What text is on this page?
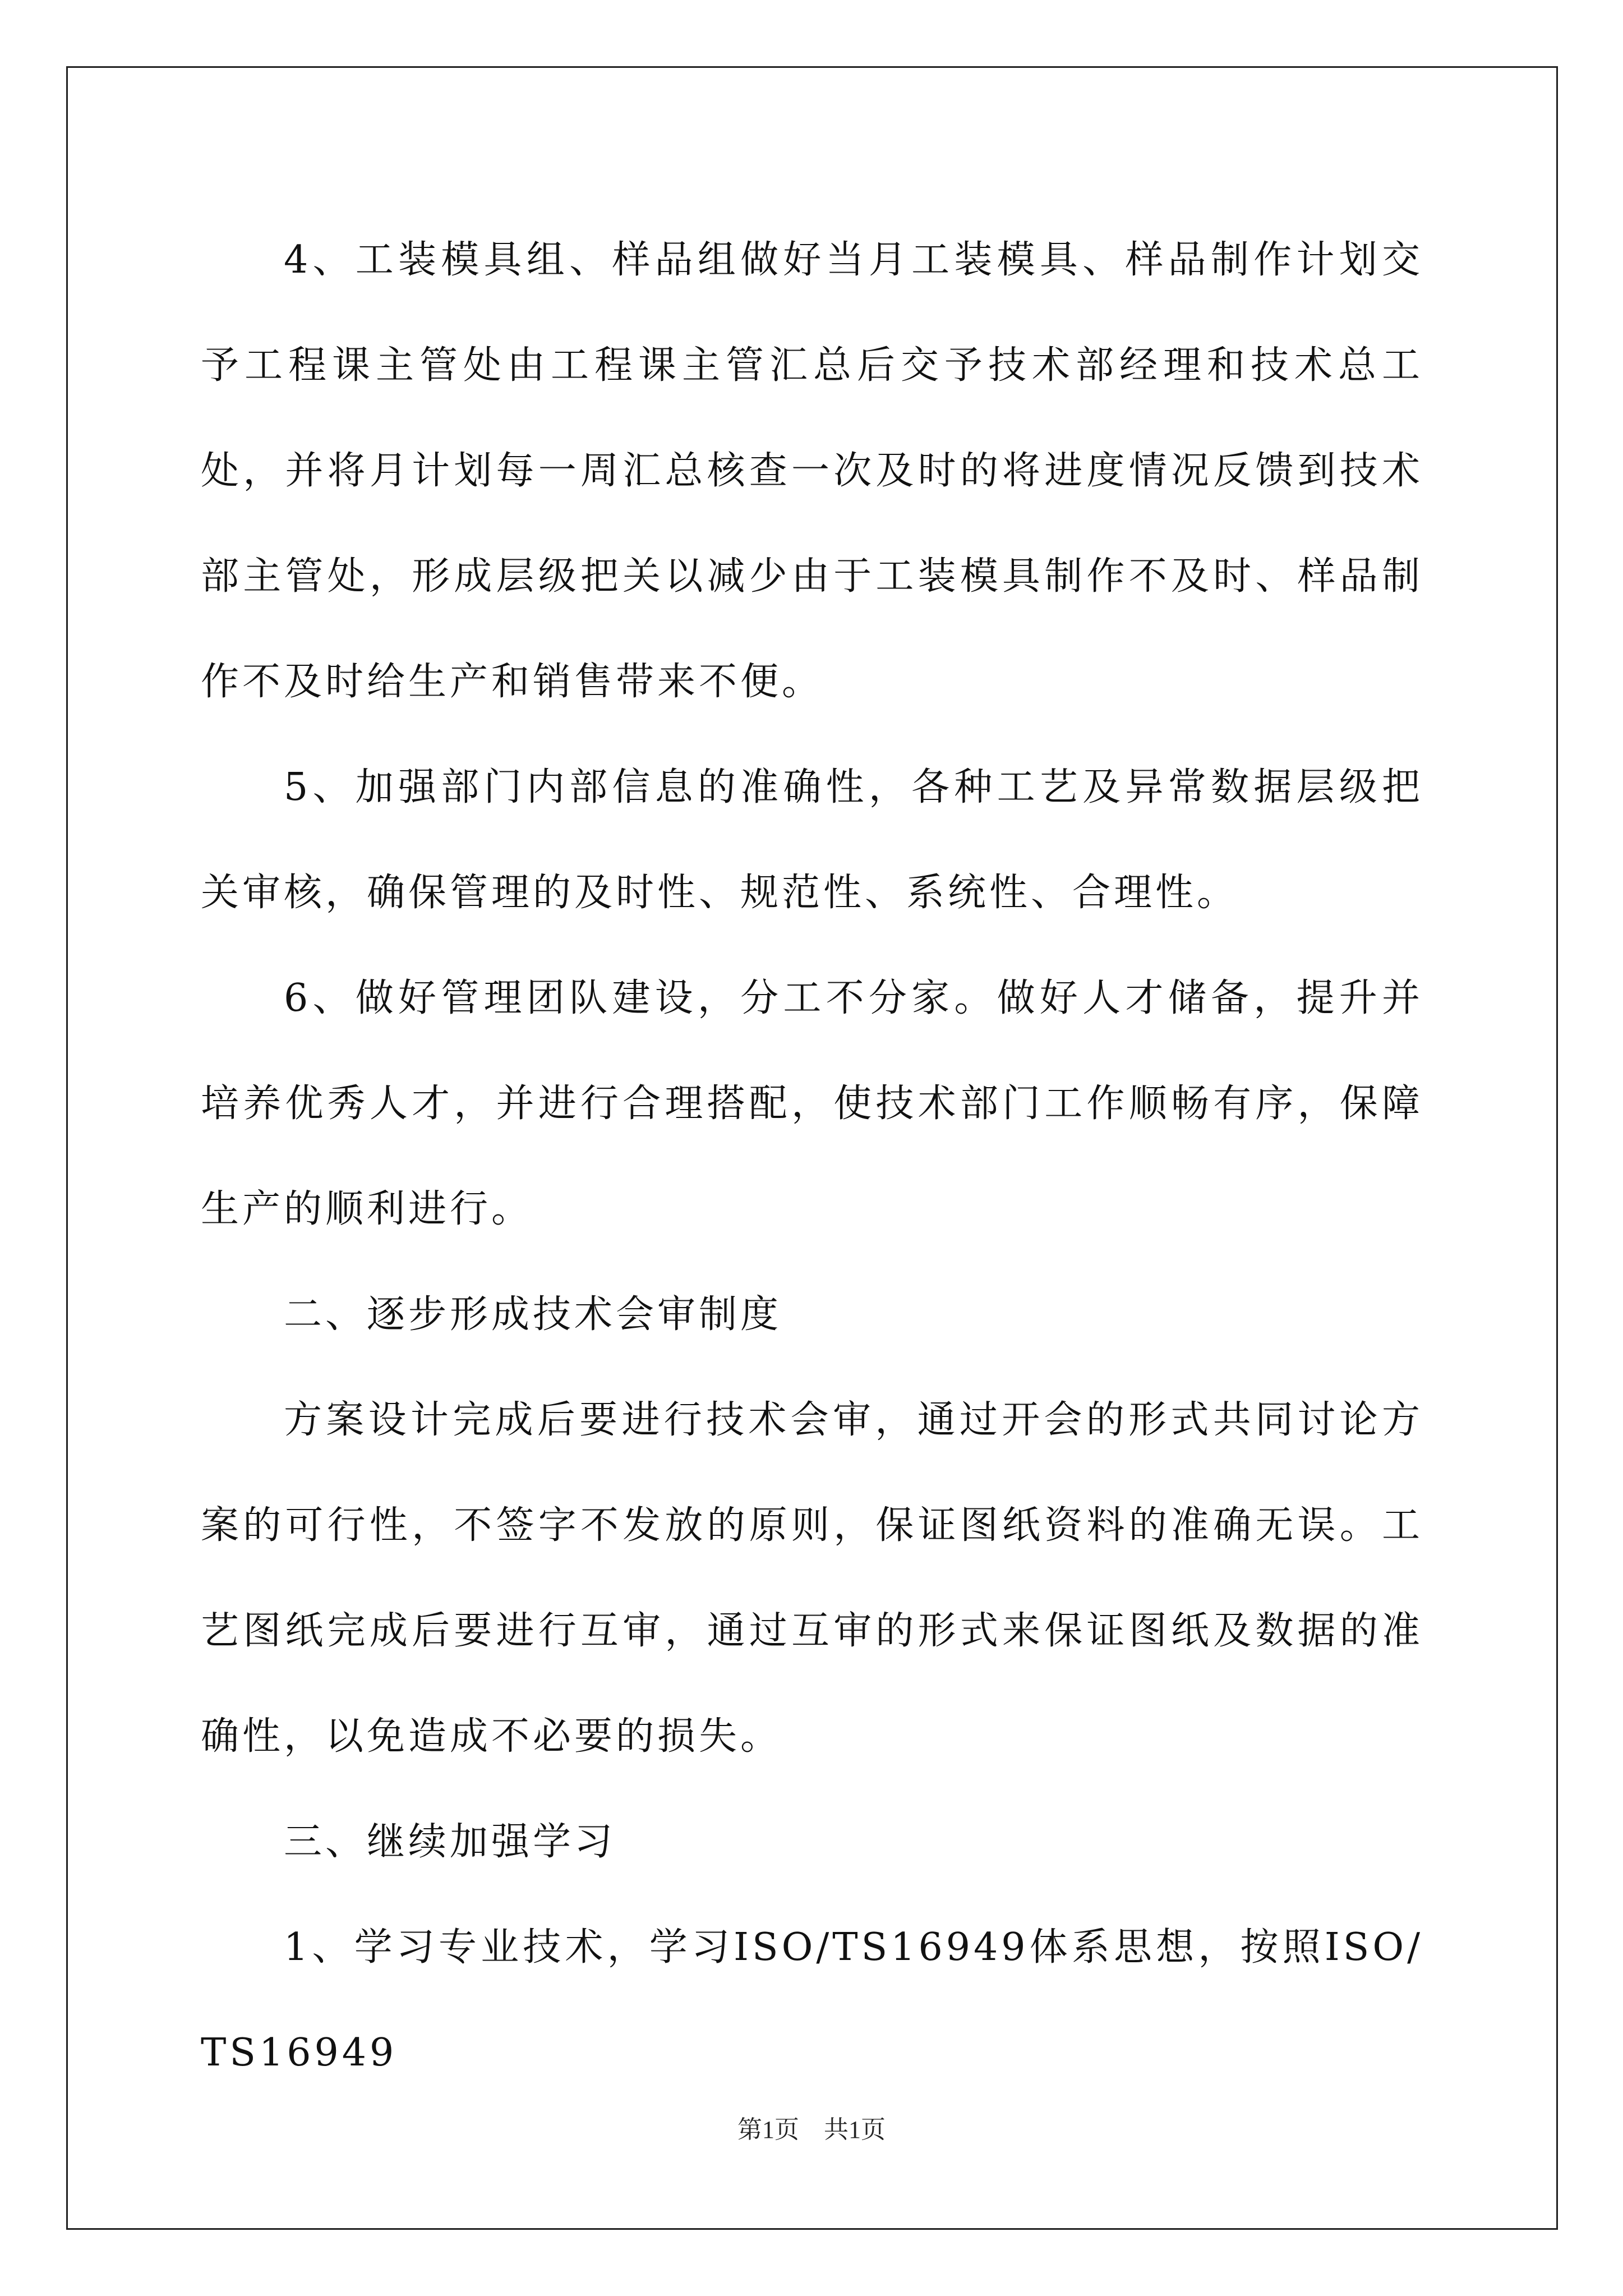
4、工装模具组、样品组做好当月工装模具、样品制作计划交予工程课主管处由工程课主管汇总后交予技术部经理和技术总工处，并将月计划每一周汇总核查一次及时的将进度情况反馈到技术部主管处，形成层级把关以减少由于工装模具制作不及时、样品制作不及时给生产和销售带来不便。

5、加强部门内部信息的准确性，各种工艺及异常数据层级把关审核，确保管理的及时性、规范性、系统性、合理性。

6、做好管理团队建设，分工不分家。做好人才储备，提升并培养优秀人才，并进行合理搭配，使技术部门工作顺畅有序，保障生产的顺利进行。

二、逐步形成技术会审制度

方案设计完成后要进行技术会审，通过开会的形式共同讨论方案的可行性，不签字不发放的原则，保证图纸资料的准确无误。工艺图纸完成后要进行互审，通过互审的形式来保证图纸及数据的准确性，以免造成不必要的损失。

三、继续加强学习

1、学习专业技术，学习ISO/TS16949体系思想，按照ISO/TS16949

第1页　共1页
